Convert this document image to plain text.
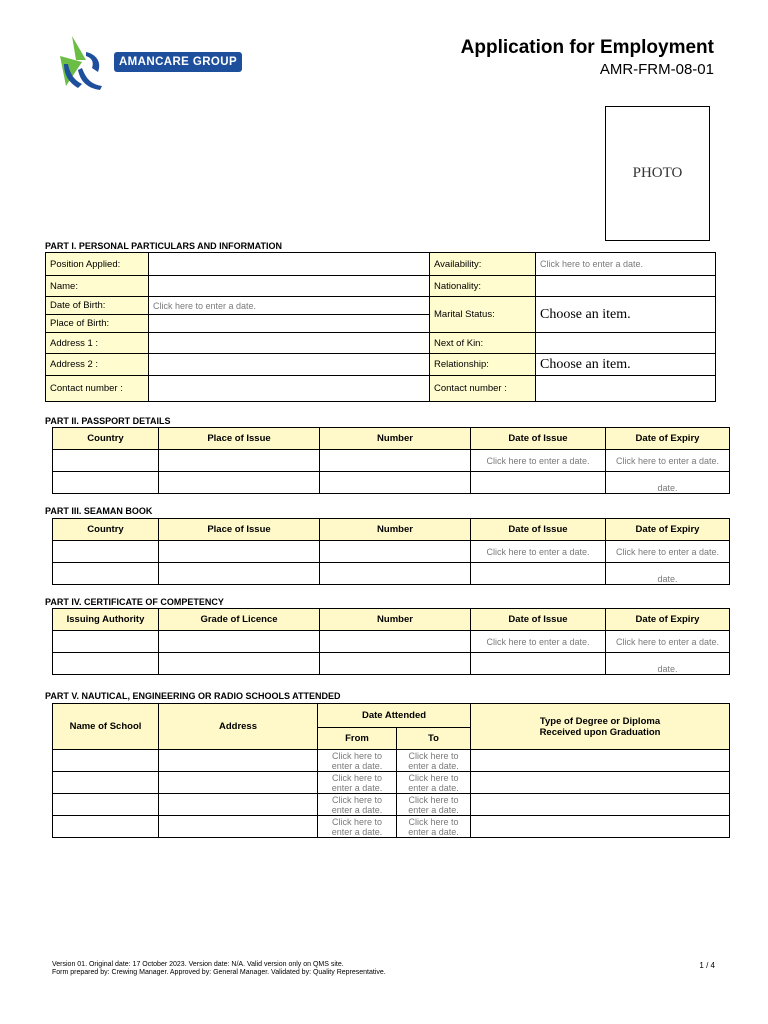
AMANCARE GROUP
Application for Employment
AMR-FRM-08-01
PHOTO
PART I. PERSONAL PARTICULARS AND INFORMATION
Position Applied:		Availability:	Click here to enter a date.
Name:		Nationality:	
Date of Birth:	Click here to enter a date.	Marital Status:	Choose an item.
Place of Birth:			
Address 1 :		Next of Kin:	
Address 2 :		Relationship:	Choose an item.
Contact number :		Contact number :	
PART II. PASSPORT DETAILS
Country	Place of Issue	Number	Date of Issue	Date of Expiry
			Click here to enter a date.	Click here to enter a date.
				date.
PART III. SEAMAN BOOK
Country	Place of Issue	Number	Date of Issue	Date of Expiry
			Click here to enter a date.	Click here to enter a date.
				date.
PART IV. CERTIFICATE OF COMPETENCY
Issuing Authority	Grade of Licence	Number	Date of Issue	Date of Expiry
			Click here to enter a date.	Click here to enter a date.
				date.
PART V. NAUTICAL, ENGINEERING OR RADIO SCHOOLS ATTENDED
Name of School	Address	Date Attended		Type of Degree or Diploma Received upon Graduation
		From	To	
		Click here to enter a date.	Click here to enter a date.	
		Click here to enter a date.	Click here to enter a date.	
		Click here to enter a date.	Click here to enter a date.	
		Click here to enter a date.	Click here to enter a date.	
Version 01. Original date: 17 October 2023. Version date: N/A. Valid version only on QMS site.
Form prepared by: Crewing Manager. Approved by: General Manager. Validated by: Quality Representative.
1 / 4
